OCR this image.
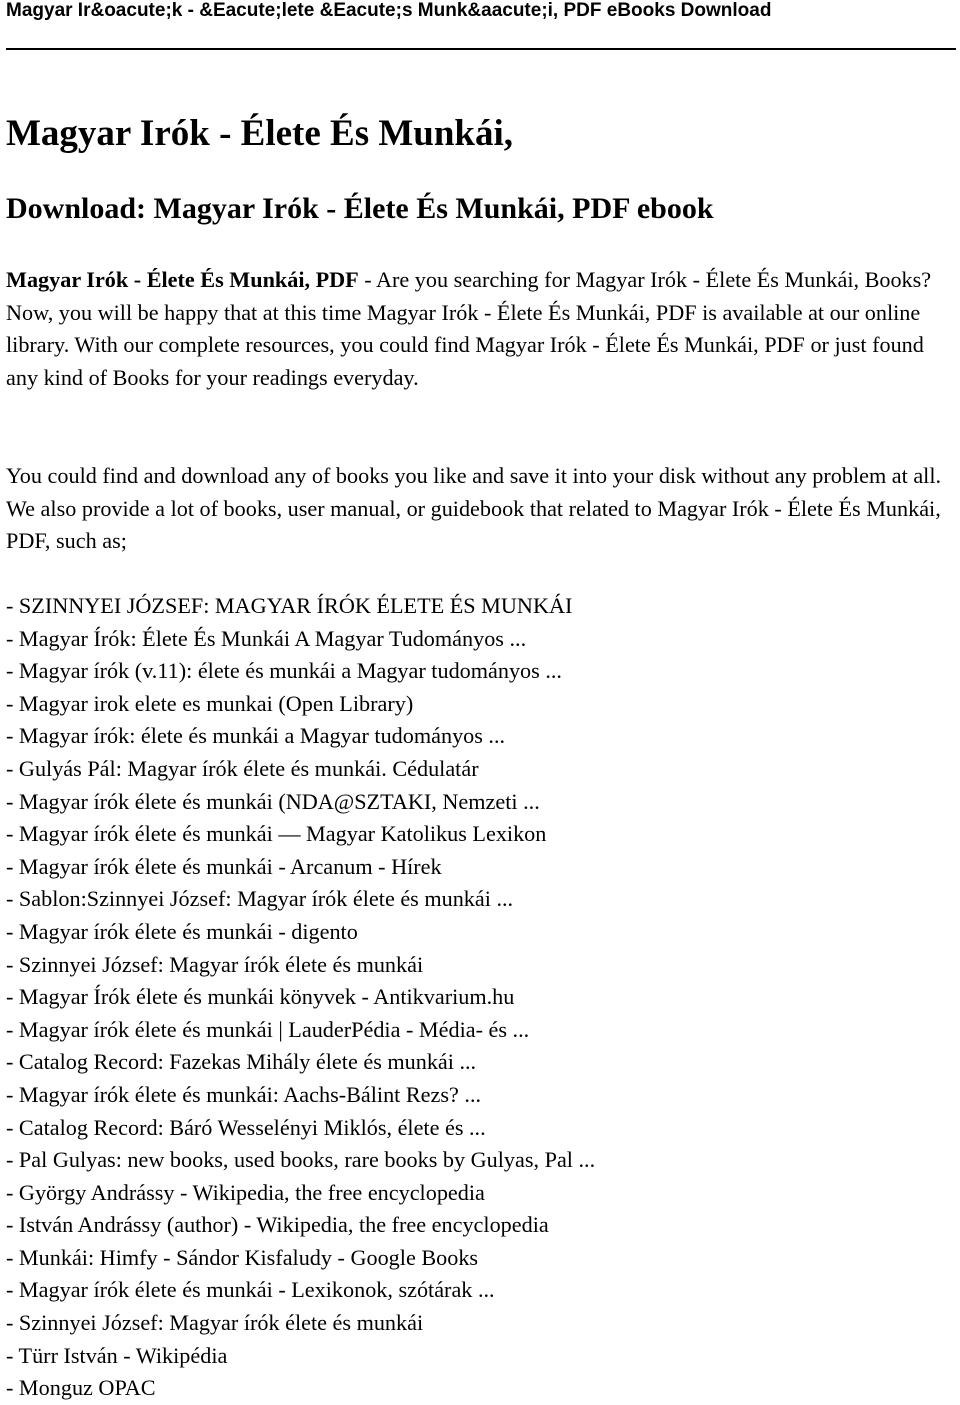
Magyar Ir&oacute;k - &Eacute;lete &Eacute;s Munk&aacute;i, PDF eBooks Download
Magyar Irók - Élete És Munkái,
Download: Magyar Irók - Élete És Munkái, PDF ebook

Magyar Irók - Élete És Munkái, PDF - Are you searching for Magyar Irók - Élete És Munkái, Books? Now, you will be happy that at this time Magyar Irók - Élete És Munkái, PDF is available at our online library. With our complete resources, you could find Magyar Irók - Élete És Munkái, PDF or just found any kind of Books for your readings everyday.

You could find and download any of books you like and save it into your disk without any problem at all. We also provide a lot of books, user manual, or guidebook that related to Magyar Irók - Élete És Munkái, PDF, such as;

- SZINNYEI JÓZSEF: MAGYAR ÍRÓK ÉLETE ÉS MUNKÁI
- Magyar Írók: Élete És Munkái A Magyar Tudományos ...
- Magyar írók (v.11): élete és munkái a Magyar tudományos ...
- Magyar irok elete es munkai (Open Library)
- Magyar írók: élete és munkái a Magyar tudományos ...
- Gulyás Pál: Magyar írók élete és munkái. Cédulatár
- Magyar írók élete és munkái (NDA@SZTAKI, Nemzeti ...
- Magyar írók élete és munkái — Magyar Katolikus Lexikon
- Magyar írók élete és munkái - Arcanum - Hírek
- Sablon:Szinnyei József: Magyar írók élete és munkái ...
- Magyar írók élete és munkái - digento
- Szinnyei József: Magyar írók élete és munkái
- Magyar Írók élete és munkái könyvek - Antikvarium.hu
- Magyar írók élete és munkái | LauderPédia - Média- és ...
- Catalog Record: Fazekas Mihály élete és munkái ...
- Magyar írók élete és munkái: Aachs-Bálint Rezs? ...
- Catalog Record: Báró Wesselényi Miklós, élete és ...
- Pal Gulyas: new books, used books, rare books by Gulyas, Pal ...
- György Andrássy - Wikipedia, the free encyclopedia
- István Andrássy (author) - Wikipedia, the free encyclopedia
- Munkái: Himfy - Sándor Kisfaludy - Google Books
- Magyar írók élete és munkái - Lexikonok, szótárak ...
- Szinnyei József: Magyar írók élete és munkái
- Türr István - Wikipédia
- Monguz OPAC
